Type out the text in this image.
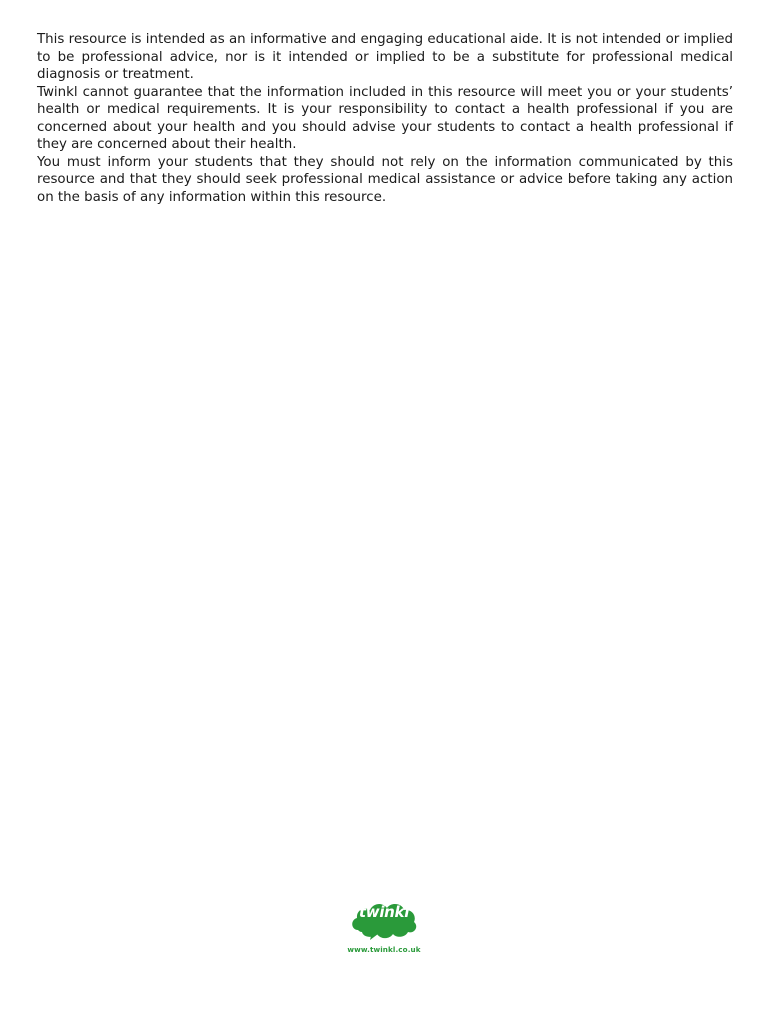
This resource is intended as an informative and engaging educational aide. It is not intended or implied to be professional advice, nor is it intended or implied to be a substitute for professional medical diagnosis or treatment.

Twinkl cannot guarantee that the information included in this resource will meet you or your students’ health or medical requirements. It is your responsibility to contact a health professional if you are concerned about your health and you should advise your students to contact a health professional if they are concerned about their health.

You must inform your students that they should not rely on the information communicated by this resource and that they should seek professional medical assistance or advice before taking any action on the basis of any information within this resource.

twinkl
www.twinkl.co.uk
